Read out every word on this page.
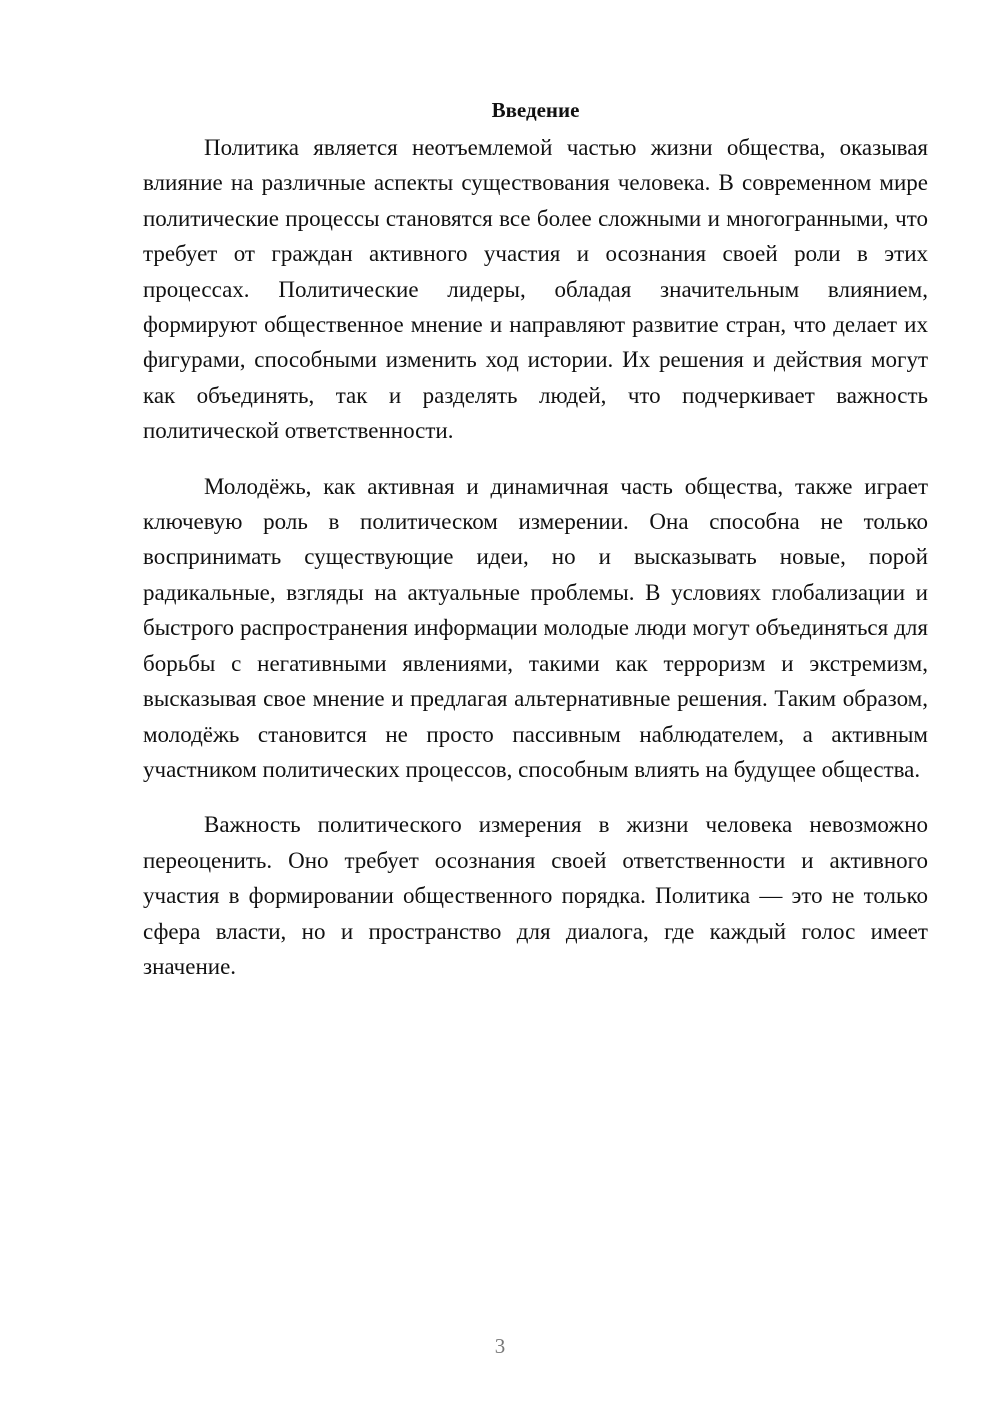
Введение

Политика является неотъемлемой частью жизни общества, оказывая влияние на различные аспекты существования человека. В современном мире политические процессы становятся все более сложными и многогранными, что требует от граждан активного участия и осознания своей роли в этих процессах. Политические лидеры, обладая значительным влиянием, формируют общественное мнение и направляют развитие стран, что делает их фигурами, способными изменить ход истории. Их решения и действия могут как объединять, так и разделять людей, что подчеркивает важность политической ответственности.

Молодёжь, как активная и динамичная часть общества, также играет ключевую роль в политическом измерении. Она способна не только воспринимать существующие идеи, но и высказывать новые, порой радикальные, взгляды на актуальные проблемы. В условиях глобализации и быстрого распространения информации молодые люди могут объединяться для борьбы с негативными явлениями, такими как терроризм и экстремизм, высказывая свое мнение и предлагая альтернативные решения. Таким образом, молодёжь становится не просто пассивным наблюдателем, а активным участником политических процессов, способным влиять на будущее общества.

Важность политического измерения в жизни человека невозможно переоценить. Оно требует осознания своей ответственности и активного участия в формировании общественного порядка. Политика — это не только сфера власти, но и пространство для диалога, где каждый голос имеет значение.

3
